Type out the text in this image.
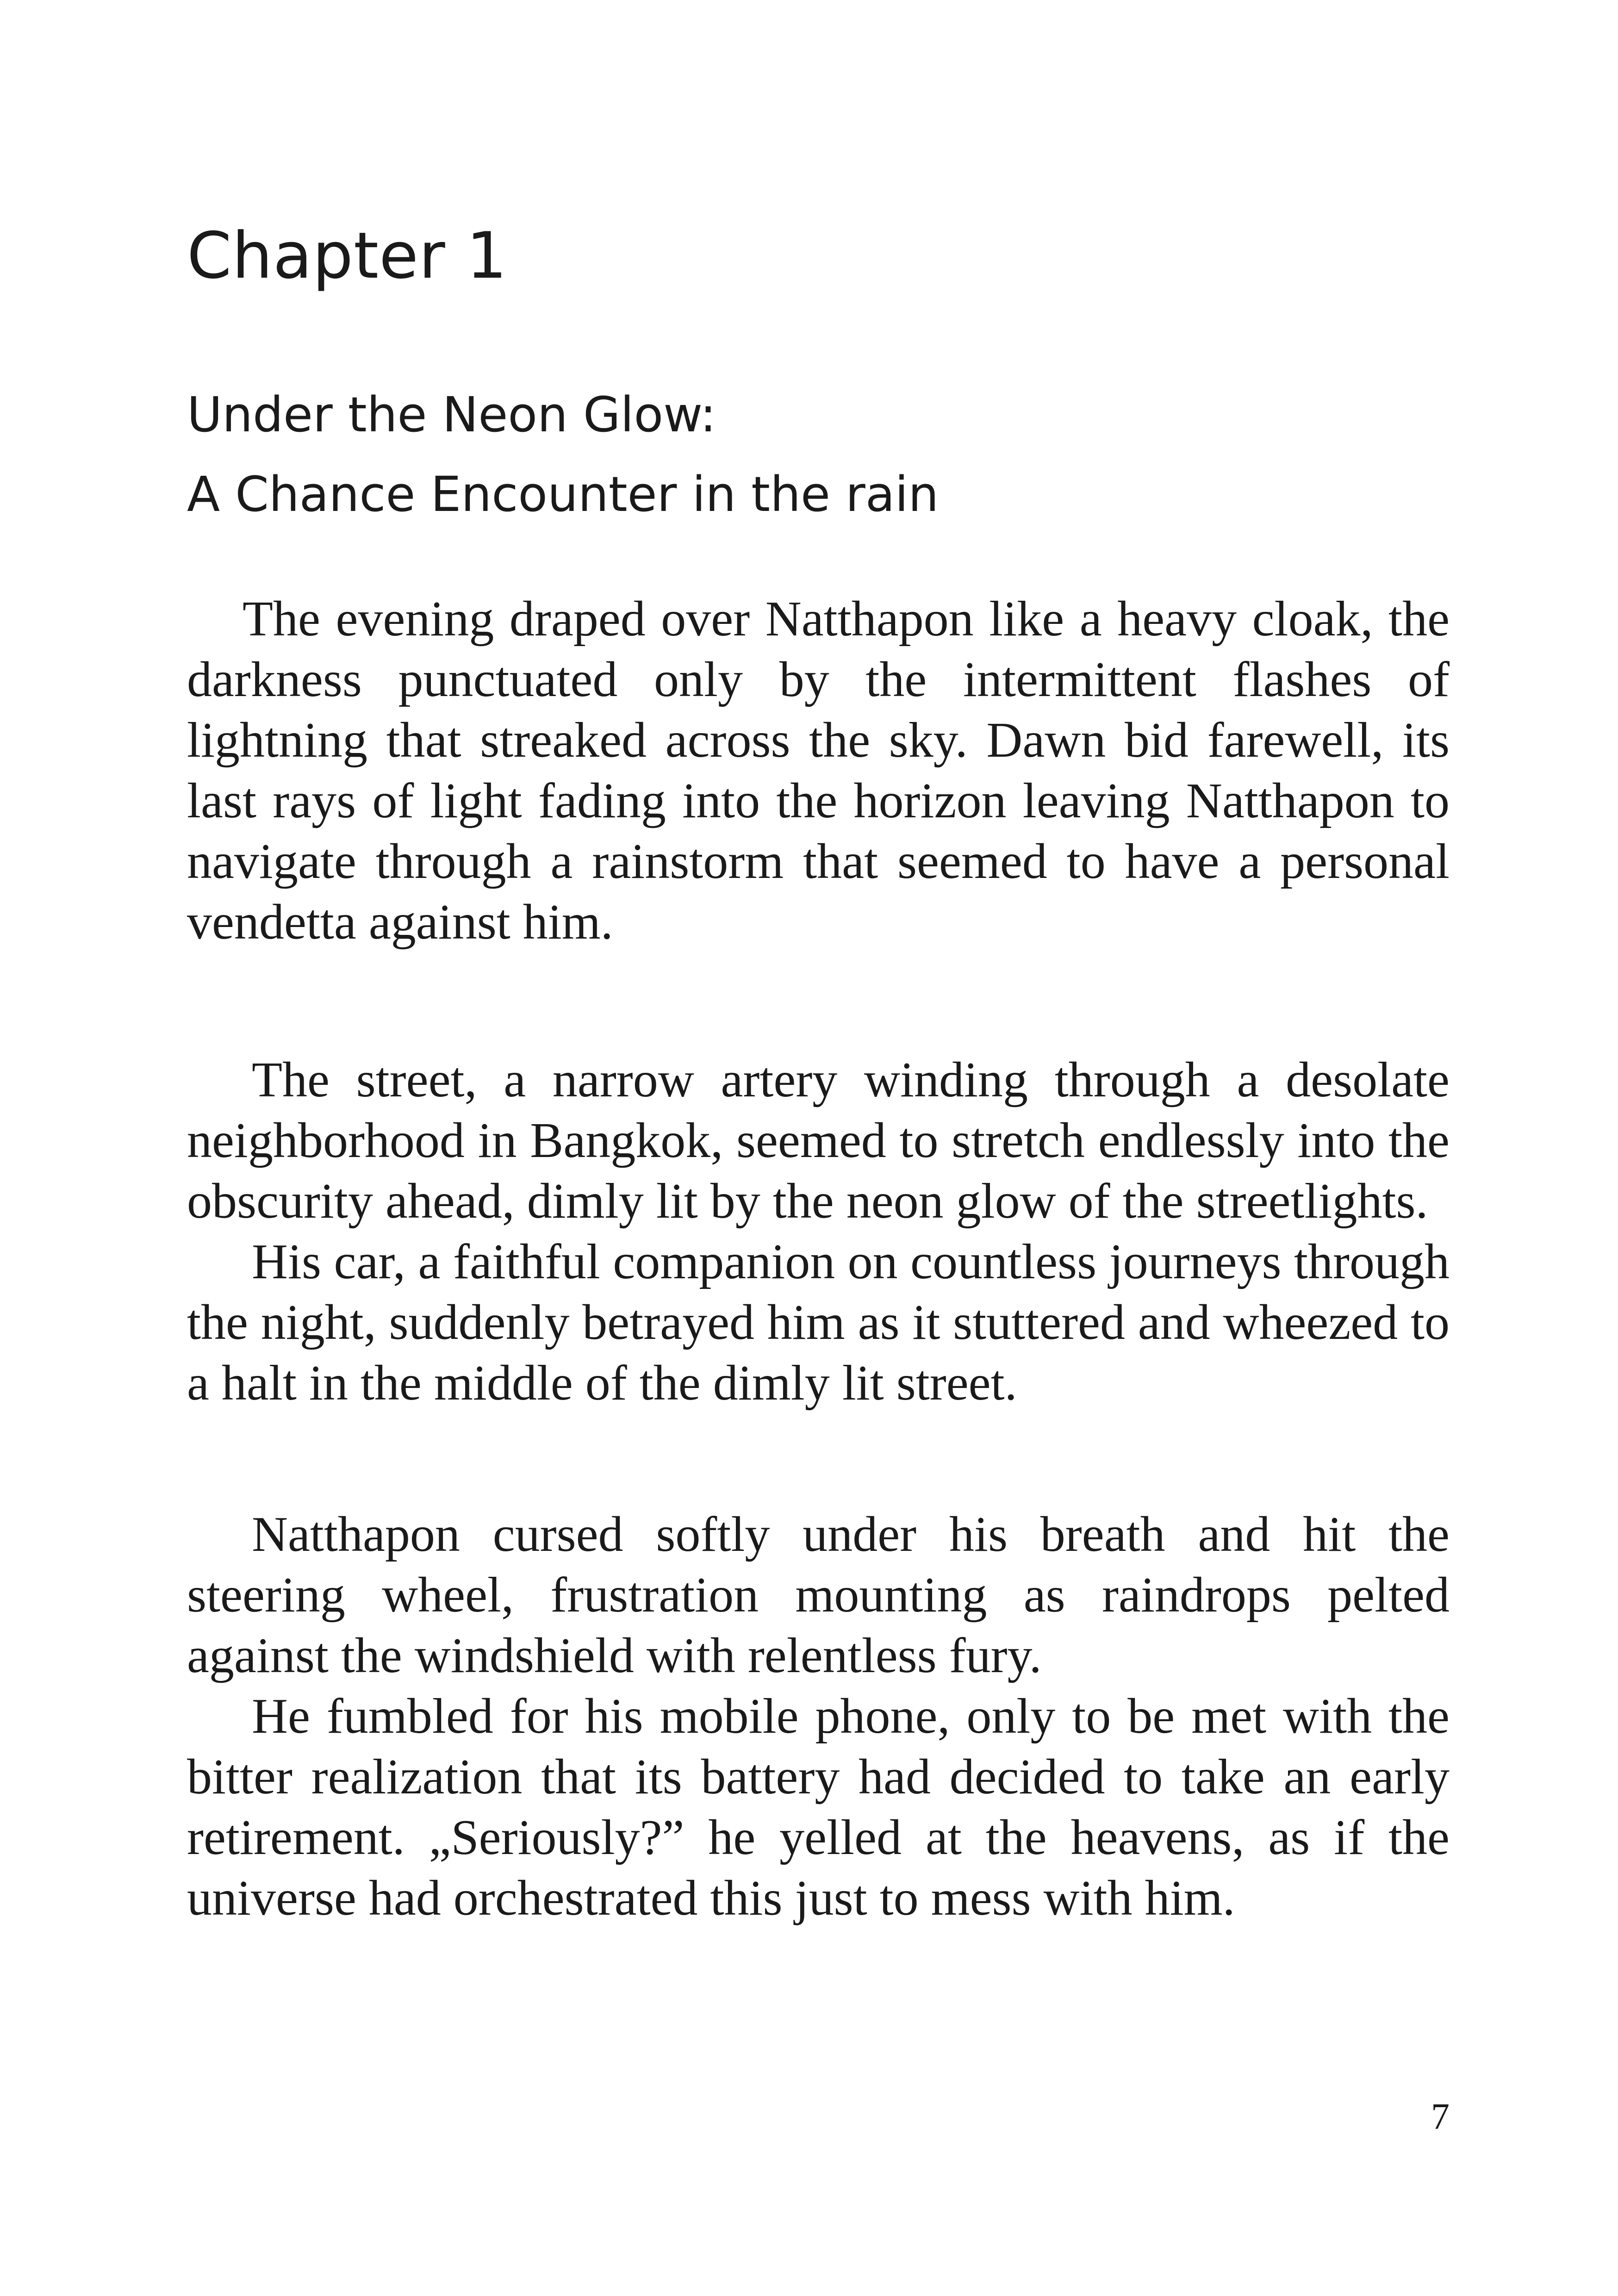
Chapter 1
Under the Neon Glow:
A Chance Encounter in the rain

The evening draped over Natthapon like a heavy cloak, the darkness punctuated only by the intermittent flashes of lightning that streaked across the sky. Dawn bid farewell, its last rays of light fading into the horizon leaving Natthapon to navigate through a rainstorm that seemed to have a personal vendetta against him.

The street, a narrow artery winding through a desolate neighborhood in Bangkok, seemed to stretch endlessly into the obscurity ahead, dimly lit by the neon glow of the streetlights.

His car, a faithful companion on countless journeys through the night, suddenly betrayed him as it stuttered and wheezed to a halt in the middle of the dimly lit street.

Natthapon cursed softly under his breath and hit the steering wheel, frustration mounting as raindrops pelted against the windshield with relentless fury.

He fumbled for his mobile phone, only to be met with the bitter realization that its battery had decided to take an early retirement. „Seriously?” he yelled at the heavens, as if the universe had orchestrated this just to mess with him.

7
